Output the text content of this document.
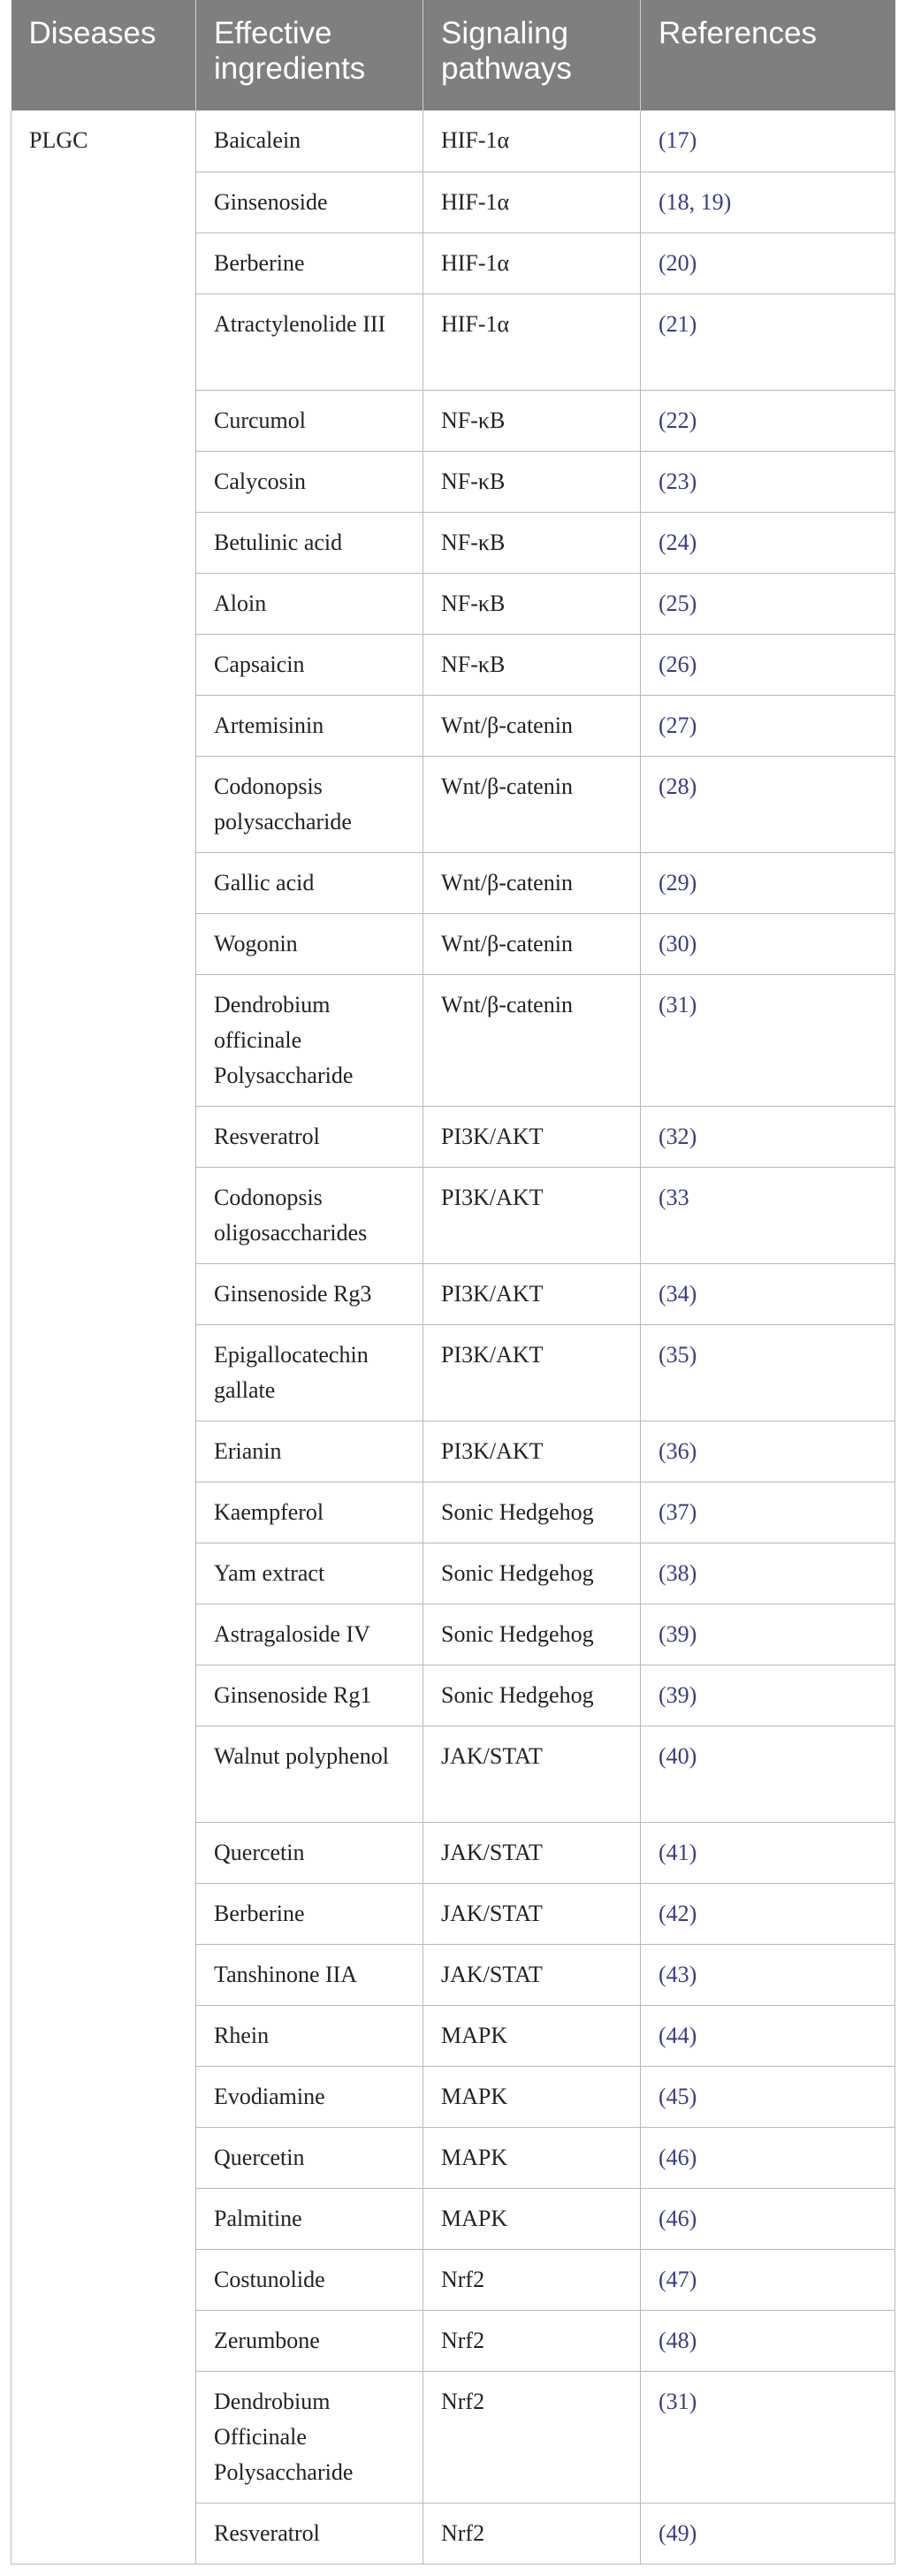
Diseases	Effective ingredients	Signaling pathways	References
PLGC	Baicalein	HIF-1α	(17)
	Ginsenoside	HIF-1α	(18, 19)
	Berberine	HIF-1α	(20)
	Atractylenolide III	HIF-1α	(21)
	Curcumol	NF-κB	(22)
	Calycosin	NF-κB	(23)
	Betulinic acid	NF-κB	(24)
	Aloin	NF-κB	(25)
	Capsaicin	NF-κB	(26)
	Artemisinin	Wnt/β-catenin	(27)
	Codonopsis polysaccharide	Wnt/β-catenin	(28)
	Gallic acid	Wnt/β-catenin	(29)
	Wogonin	Wnt/β-catenin	(30)
	Dendrobium officinale Polysaccharide	Wnt/β-catenin	(31)
	Resveratrol	PI3K/AKT	(32)
	Codonopsis oligosaccharides	PI3K/AKT	(33
	Ginsenoside Rg3	PI3K/AKT	(34)
	Epigallocatechin gallate	PI3K/AKT	(35)
	Erianin	PI3K/AKT	(36)
	Kaempferol	Sonic Hedgehog	(37)
	Yam extract	Sonic Hedgehog	(38)
	Astragaloside IV	Sonic Hedgehog	(39)
	Ginsenoside Rg1	Sonic Hedgehog	(39)
	Walnut polyphenol	JAK/STAT	(40)
	Quercetin	JAK/STAT	(41)
	Berberine	JAK/STAT	(42)
	Tanshinone IIA	JAK/STAT	(43)
	Rhein	MAPK	(44)
	Evodiamine	MAPK	(45)
	Quercetin	MAPK	(46)
	Palmitine	MAPK	(46)
	Costunolide	Nrf2	(47)
	Zerumbone	Nrf2	(48)
	Dendrobium Officinale Polysaccharide	Nrf2	(31)
	Resveratrol	Nrf2	(49)
